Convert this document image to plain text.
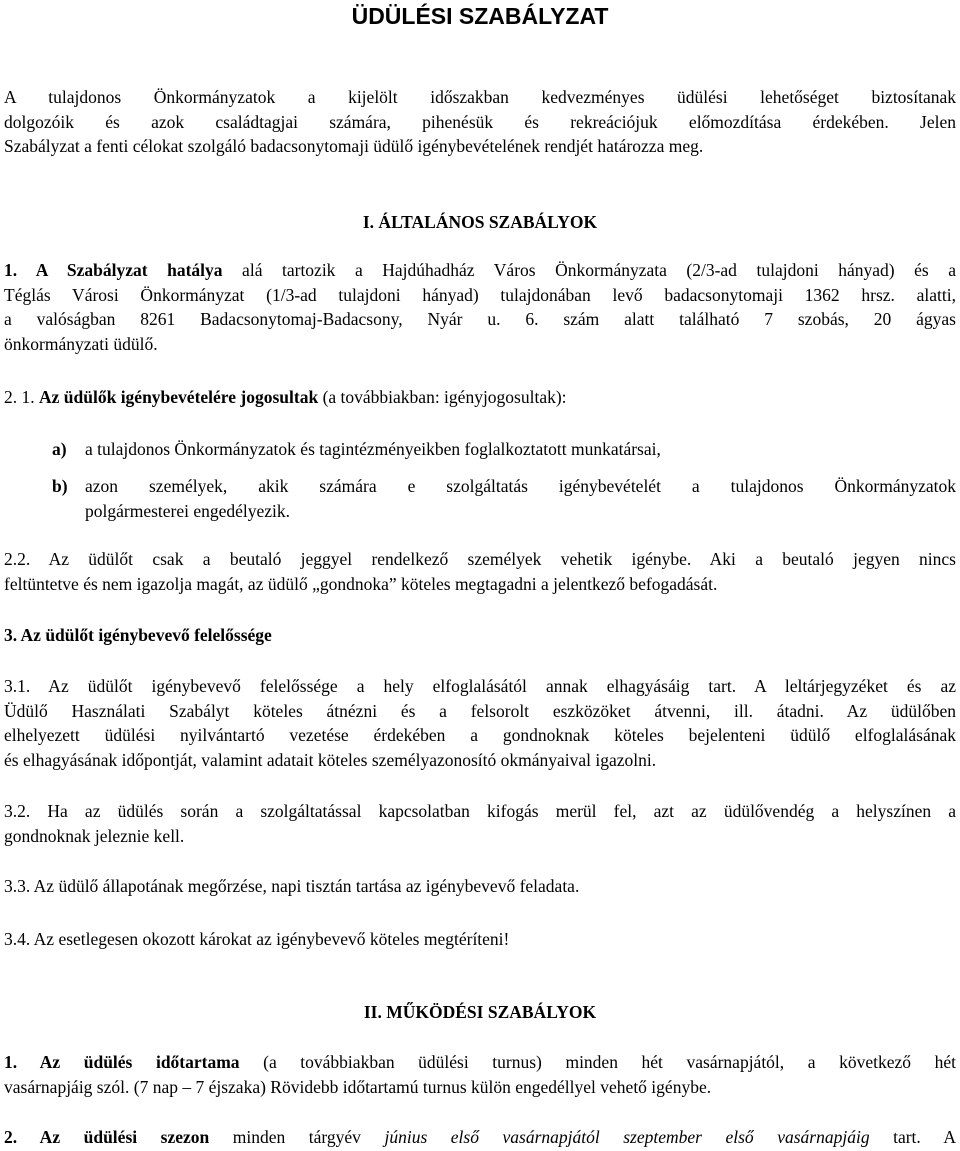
ÜDÜLÉSI SZABÁLYZAT

A tulajdonos Önkormányzatok a kijelölt időszakban kedvezményes üdülési lehetőséget biztosítanak
dolgozóik és azok családtagjai számára, pihenésük és rekreációjuk előmozdítása érdekében. Jelen
Szabályzat a fenti célokat szolgáló badacsonytomaji üdülő igénybevételének rendjét határozza meg.

I. ÁLTALÁNOS SZABÁLYOK

1. A Szabályzat hatálya alá tartozik a Hajdúhadház Város Önkormányzata (2/3-ad tulajdoni hányad) és a
Téglás Városi Önkormányzat (1/3-ad tulajdoni hányad) tulajdonában levő badacsonytomaji 1362 hrsz. alatti,
a valóságban 8261 Badacsonytomaj-Badacsony, Nyár u. 6. szám alatt található 7 szobás, 20 ágyas
önkormányzati üdülő.

2. 1. Az üdülők igénybevételére jogosultak (a továbbiakban: igényjogosultak):

a) a tulajdonos Önkormányzatok és tagintézményeikben foglalkoztatott munkatársai,
b) azon személyek, akik számára e szolgáltatás igénybevételét a tulajdonos Önkormányzatok
polgármesterei engedélyezik.

2.2. Az üdülőt csak a beutaló jeggyel rendelkező személyek vehetik igénybe. Aki a beutaló jegyen nincs
feltüntetve és nem igazolja magát, az üdülő „gondnoka” köteles megtagadni a jelentkező befogadását.

3. Az üdülőt igénybevevő felelőssége

3.1. Az üdülőt igénybevevő felelőssége a hely elfoglalásától annak elhagyásáig tart. A leltárjegyzéket és az
Üdülő Használati Szabályt köteles átnézni és a felsorolt eszközöket átvenni, ill. átadni. Az üdülőben
elhelyezett üdülési nyilvántartó vezetése érdekében a gondnoknak köteles bejelenteni üdülő elfoglalásának
és elhagyásának időpontját, valamint adatait köteles személyazonosító okmányaival igazolni.

3.2. Ha az üdülés során a szolgáltatással kapcsolatban kifogás merül fel, azt az üdülővendég a helyszínen a
gondnoknak jeleznie kell.

3.3. Az üdülő állapotának megőrzése, napi tisztán tartása az igénybevevő feladata.

3.4. Az esetlegesen okozott károkat az igénybevevő köteles megtéríteni!

II. MŰKÖDÉSI SZABÁLYOK

1. Az üdülés időtartama (a továbbiakban üdülési turnus) minden hét vasárnapjától, a következő hét
vasárnapjáig szól. (7 nap – 7 éjszaka) Rövidebb időtartamú turnus külön engedéllyel vehető igénybe.

2. Az üdülési szezon minden tárgyév június első vasárnapjától szeptember első vasárnapjáig tart. A
